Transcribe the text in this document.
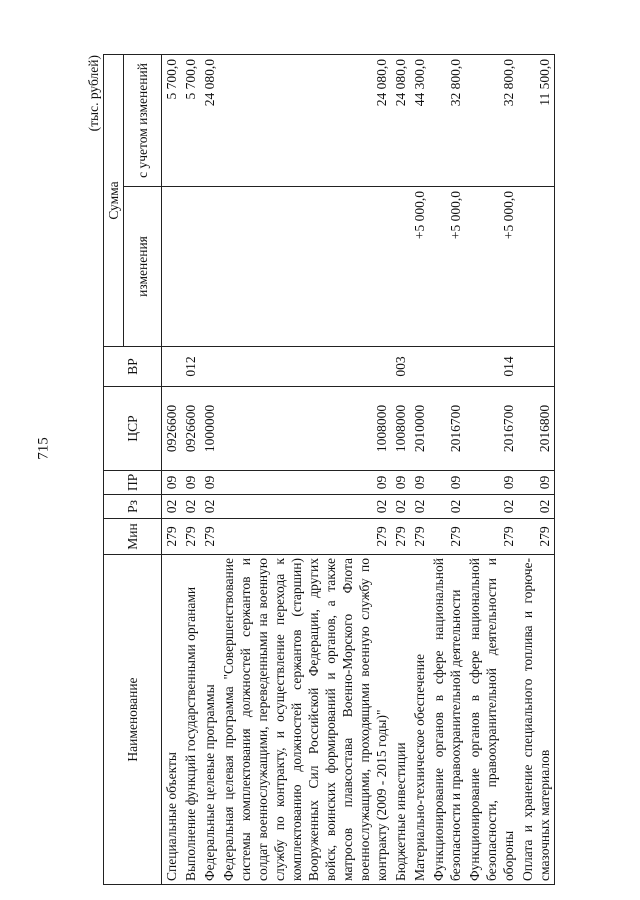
715
(тыс. рублей)
Наименование	Мин	Рз	ПР	ЦСР	ВР	Сумма	
						изменения	с учетом изменений
Специальные объекты	279	02	09	0926600			5 700,0
Выполнение функций государственными органами	279	02	09	0926600	012		5 700,0
Федеральные целевые программы	279	02	09	1000000			24 080,0
Федеральная целевая программа "Совершенствование системы комплектования должностей сержантов и солдат военнослужащими, переведенными на военную службу по контракту, и осуществление перехода к комплектованию должностей сержантов (старшин) Вооруженных Сил Российской Федерации, других войск, воинских формирований и органов, а также матросов плавсостава Военно-Морского Флота военнослужащими, проходящими военную службу по контракту (2009 - 2015 годы)"	279	02	09	1008000			24 080,0
Бюджетные инвестиции	279	02	09	1008000	003		24 080,0
Материально-техническое обеспечение	279	02	09	2010000		+5 000,0	44 300,0
Функционирование органов в сфере национальной безопасности и правоохранительной деятельности	279	02	09	2016700		+5 000,0	32 800,0
Функционирование органов в сфере национальной безопасности, правоохранительной деятельности и обороны	279	02	09	2016700	014	+5 000,0	32 800,0
Оплата и хранение специального топлива и горюче-смазочных материалов	279	02	09	2016800			11 500,0
